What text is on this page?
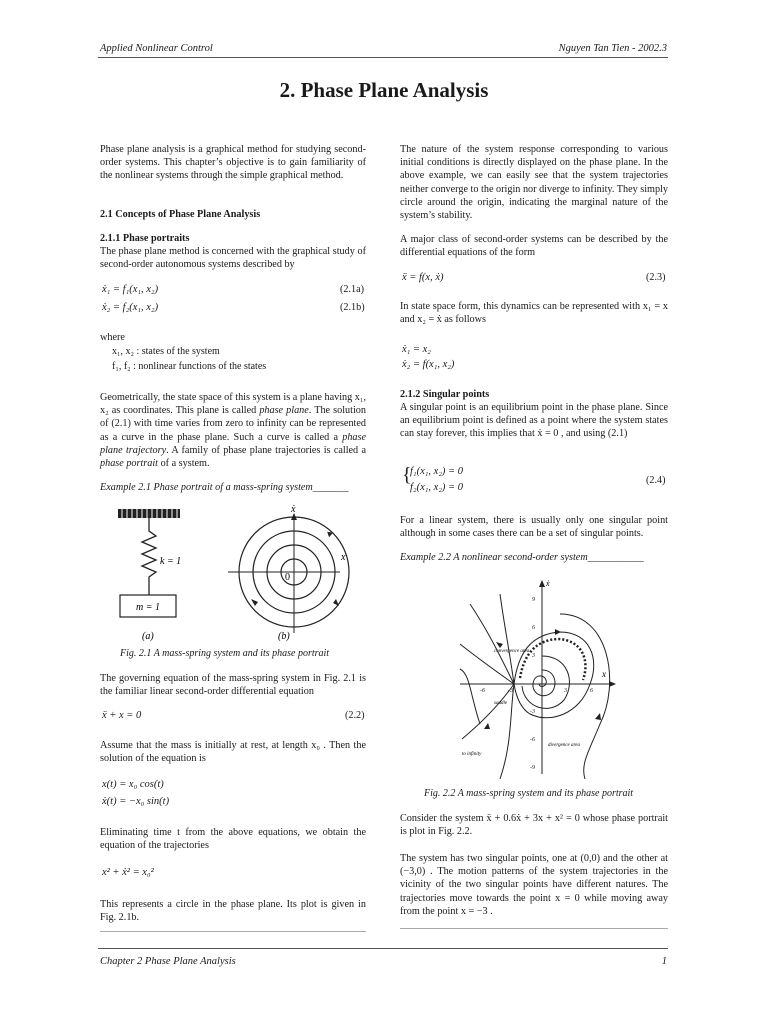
Applied Nonlinear Control	Nguyen Tan Tien - 2002.3
2. Phase Plane Analysis
Phase plane analysis is a graphical method for studying second-order systems. This chapter’s objective is to gain familiarity of the nonlinear systems through the simple graphical method.
2.1 Concepts of Phase Plane Analysis
2.1.1 Phase portraits
The phase plane method is concerned with the graphical study of second-order autonomous systems described by
ẋ₁ = f₁(x₁, x₂)	(2.1a)
ẋ₂ = f₂(x₁, x₂)	(2.1b)
where
x₁, x₂ : states of the system
f₁, f₂ : nonlinear functions of the states
Geometrically, the state space of this system is a plane having x₁, x₂ as coordinates. This plane is called phase plane. The solution of (2.1) with time varies from zero to infinity can be represented as a curve in the phase plane. Such a curve is called a phase plane trajectory. A family of phase plane trajectories is called a phase portrait of a system.
Example 2.1 Phase portrait of a mass-spring system_______
k = 1
m = 1
(a)
ẋ
x
0
(b)
Fig. 2.1 A mass-spring system and its phase portrait
The governing equation of the mass-spring system in Fig. 2.1 is the familiar linear second-order differential equation
ẍ + x = 0	(2.2)
Assume that the mass is initially at rest, at length x₀ . Then the solution of the equation is
x(t) = x₀ cos(t)
ẋ(t) = −x₀ sin(t)
Eliminating time t from the above equations, we obtain the equation of the trajectories
x² + ẋ² = x₀²
This represents a circle in the phase plane. Its plot is given in Fig. 2.1b.
The nature of the system response corresponding to various initial conditions is directly displayed on the phase plane. In the above example, we can easily see that the system trajectories neither converge to the origin nor diverge to infinity. They simply circle around the origin, indicating the marginal nature of the system’s stability.
A major class of second-order systems can be described by the differential equations of the form
ẍ = f(x, ẋ)	(2.3)
In state space form, this dynamics can be represented with x₁ = x and x₂ = ẋ as follows
ẋ₁ = x₂
ẋ₂ = f(x₁, x₂)
2.1.2 Singular points
A singular point is an equilibrium point in the phase plane. Since an equilibrium point is defined as a point where the system states can stay forever, this implies that ẋ = 0 , and using (2.1)
{
f₁(x₁, x₂) = 0
f₂(x₁, x₂) = 0
(2.4)
For a linear system, there is usually only one singular point although in some cases there can be a set of singular points.
Example 2.2 A nonlinear second-order system___________
ẋ
x
9
6
3
-3
-6
-9
-6	-3	3	6
convergence area
saddle
divergence area
to infinity
Fig. 2.2 A mass-spring system and its phase portrait
Consider the system ẍ + 0.6ẋ + 3x + x² = 0 whose phase portrait is plot in Fig. 2.2.
The system has two singular points, one at (0,0) and the other at (−3,0) . The motion patterns of the system trajectories in the vicinity of the two singular points have different natures. The trajectories move towards the point x = 0 while moving away from the point x = −3 .
Chapter 2 Phase Plane Analysis	1
